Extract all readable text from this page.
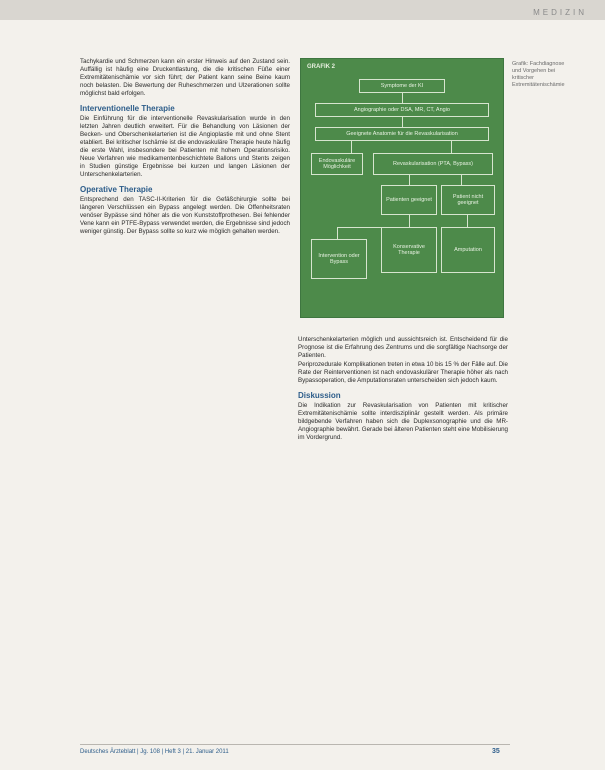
MEDIZIN

Tachykardie und Schmerzen kann ein erster Hinweis auf den Zustand sein. Auffällig ist häufig eine Druckentlastung, die die kritischen Füße einer Extremitätenischämie vor sich führt; der Patient kann seine Beine kaum noch belasten. Die Bewertung der Ruheschmerzen und Ulzerationen sollte möglichst bald erfolgen.

Interventionelle Therapie

Die Einführung für die interventionelle Revaskularisation wurde in den letzten Jahren deutlich erweitert. Für die Behandlung von Läsionen der Becken- und Oberschenkelarterien ist die Angioplastie mit und ohne Stent etabliert. Bei kritischer Ischämie ist die endovaskuläre Therapie heute häufig die erste Wahl, insbesondere bei Patienten mit hohem Operationsrisiko. Neue Verfahren wie medikamentenbeschichtete Ballons und Stents zeigen in Studien günstige Ergebnisse bei kurzen und langen Läsionen der Unterschenkelarterien.

Operative Therapie

Entsprechend den TASC-II-Kriterien für die Gefäßchirurgie sollte bei längeren Verschlüssen ein Bypass angelegt werden. Die Offenheitsraten venöser Bypässe sind höher als die von Kunststoffprothesen. Bei fehlender Vene kann ein PTFE-Bypass verwendet werden, die Ergebnisse sind jedoch weniger günstig. Der Bypass sollte so kurz wie möglich gehalten werden.

GRAFIK 2
Symptome der KI
Angiographie oder DSA, MR, CT, Angio
Geeignete Anatomie für die Revaskularisation
Endovaskuläre Möglichkeit
Revaskularisation (PTA, Bypass)
Patienten geeignet
Patient nicht geeignet
Intervention oder Bypass
Konservative Therapie
Amputation
Grafik: Fachdiagnose und Vorgehen bei kritischer Extremitätenischämie

Unterschenkelarterien möglich und aussichtsreich ist. Entscheidend für die Prognose ist die Erfahrung des Zentrums und die sorgfältige Nachsorge der Patienten.

Periprozedurale Komplikationen treten in etwa 10 bis 15 % der Fälle auf. Die Rate der Reinterventionen ist nach endovaskulärer Therapie höher als nach Bypassoperation, die Amputationsraten unterscheiden sich jedoch kaum.

Diskussion

Die Indikation zur Revaskularisation von Patienten mit kritischer Extremitätenischämie sollte interdisziplinär gestellt werden. Als primäre bildgebende Verfahren haben sich die Duplexsonographie und die MR-Angiographie bewährt. Gerade bei älteren Patienten steht eine Mobilisierung im Vordergrund.

Deutsches Ärzteblatt | Jg. 108 | Heft 3 | 21. Januar 2011	35
